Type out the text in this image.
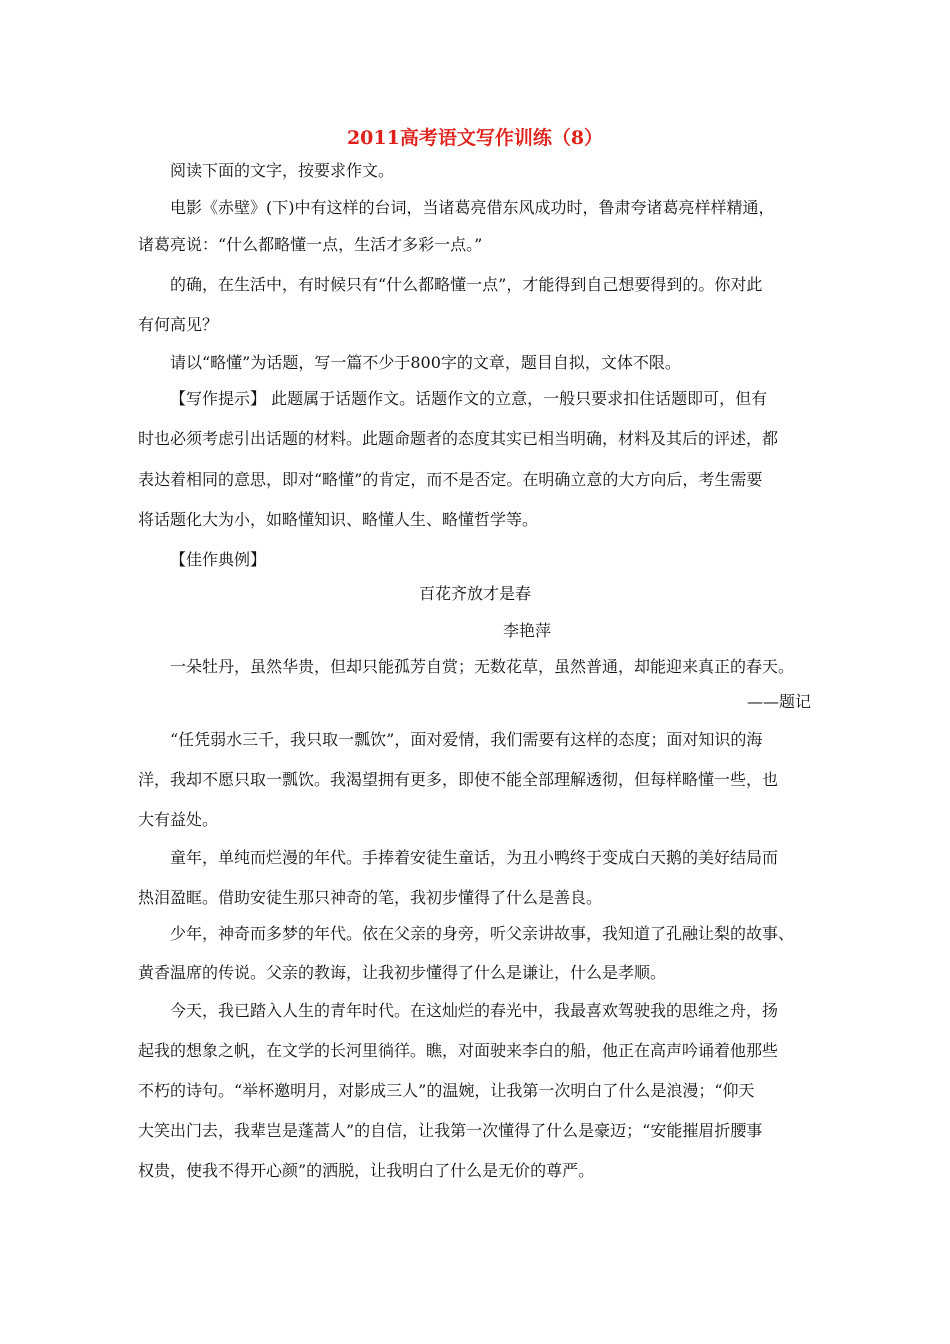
2011高考语文写作训练（8）
阅读下面的文字，按要求作文。
电影《赤壁》(下)中有这样的台词，当诸葛亮借东风成功时，鲁肃夸诸葛亮样样精通，
诸葛亮说：“什么都略懂一点，生活才多彩一点。”
的确，在生活中，有时候只有“什么都略懂一点”，才能得到自己想要得到的。你对此
有何高见？
请以“略懂”为话题，写一篇不少于800字的文章，题目自拟，文体不限。
【写作提示】 此题属于话题作文。话题作文的立意，一般只要求扣住话题即可，但有
时也必须考虑引出话题的材料。此题命题者的态度其实已相当明确，材料及其后的评述，都
表达着相同的意思，即对“略懂”的肯定，而不是否定。在明确立意的大方向后，考生需要
将话题化大为小，如略懂知识、略懂人生、略懂哲学等。
【佳作典例】
百花齐放才是春
李艳萍
一朵牡丹，虽然华贵，但却只能孤芳自赏；无数花草，虽然普通，却能迎来真正的春天。
——题记
“任凭弱水三千，我只取一瓢饮”，面对爱情，我们需要有这样的态度；面对知识的海
洋，我却不愿只取一瓢饮。我渴望拥有更多，即使不能全部理解透彻，但每样略懂一些，也
大有益处。
童年，单纯而烂漫的年代。手捧着安徒生童话，为丑小鸭终于变成白天鹅的美好结局而
热泪盈眶。借助安徒生那只神奇的笔，我初步懂得了什么是善良。
少年，神奇而多梦的年代。依在父亲的身旁，听父亲讲故事，我知道了孔融让梨的故事、
黄香温席的传说。父亲的教诲，让我初步懂得了什么是谦让，什么是孝顺。
今天，我已踏入人生的青年时代。在这灿烂的春光中，我最喜欢驾驶我的思维之舟，扬
起我的想象之帆，在文学的长河里徜徉。瞧，对面驶来李白的船，他正在高声吟诵着他那些
不朽的诗句。“举杯邀明月，对影成三人”的温婉，让我第一次明白了什么是浪漫；“仰天
大笑出门去，我辈岂是蓬蒿人”的自信，让我第一次懂得了什么是豪迈；“安能摧眉折腰事
权贵，使我不得开心颜”的洒脱，让我明白了什么是无价的尊严。
